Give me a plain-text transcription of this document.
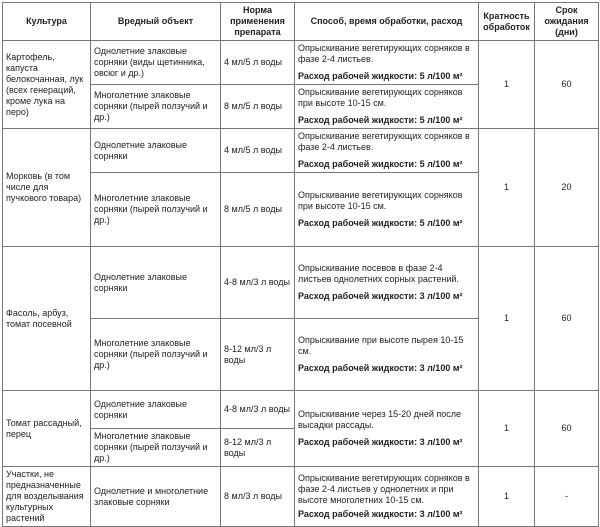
Культура	Вредный объект	Норма применения препарата	Способ, время обработки, расход	Кратность обработок	Срок ожидания (дни)
Картофель, капуста белокочанная, лук (всех генераций, кроме лука на перо)	Однолетние злаковые сорняки (виды щетинника, овсюг и др.)	4 мл/5 л воды	Опрыскивание вегетирующих сорняков в фазе 2-4 листьев.
Расход рабочей жидкости: 5 л/100 м²	1	60
	Многолетние злаковые сорняки (пырей ползучий и др.)	8 мл/5 л воды	Опрыскивание вегетирующих сорняков при высоте 10-15 см.
Расход рабочей жидкости: 5 л/100 м²		

Морковь (в том числе для пучкового товара)	Однолетние злаковые сорняки	4 мл/5 л воды	Опрыскивание вегетирующих сорняков в фазе 2-4 листьев.
Расход рабочей жидкости: 5 л/100 м²	1	20
	Многолетние злаковые сорняки (пырей ползучий и др.)	8 мл/5 л воды	Опрыскивание вегетирующих сорняков при высоте 10-15 см.
Расход рабочей жидкости: 5 л/100 м²		

Фасоль, арбуз, томат посевной	Однолетние злаковые сорняки	4-8 мл/3 л воды	Опрыскивание посевов в фазе 2-4 листьев однолетних сорных растений.
Расход рабочей жидкости: 3 л/100 м²	1	60
	Многолетние злаковые сорняки (пырей ползучий и др.)	8-12 мл/3 л воды	Опрыскивание при высоте пырея 10-15 см.
Расход рабочей жидкости: 3 л/100 м²		

Томат рассадный, перец	Однолетние злаковые сорняки	4-8 мл/3 л воды	Опрыскивание через 15-20 дней после высадки рассады.
Расход рабочей жидкости: 3 л/100 м²	1	60
	Многолетние злаковые сорняки (пырей ползучий и др.)	8-12 мл/3 л воды			
Участки, не предназначенные для возделывания культурных растений	Однолетние и многолетние злаковые сорняки	8 мл/3 л воды	Опрыскивание вегетирующих сорняков в фазе 2-4 листьев у однолетних и при высоте многолетних 10-15 см.
Расход рабочей жидкости: 3 л/100 м²	1	-
